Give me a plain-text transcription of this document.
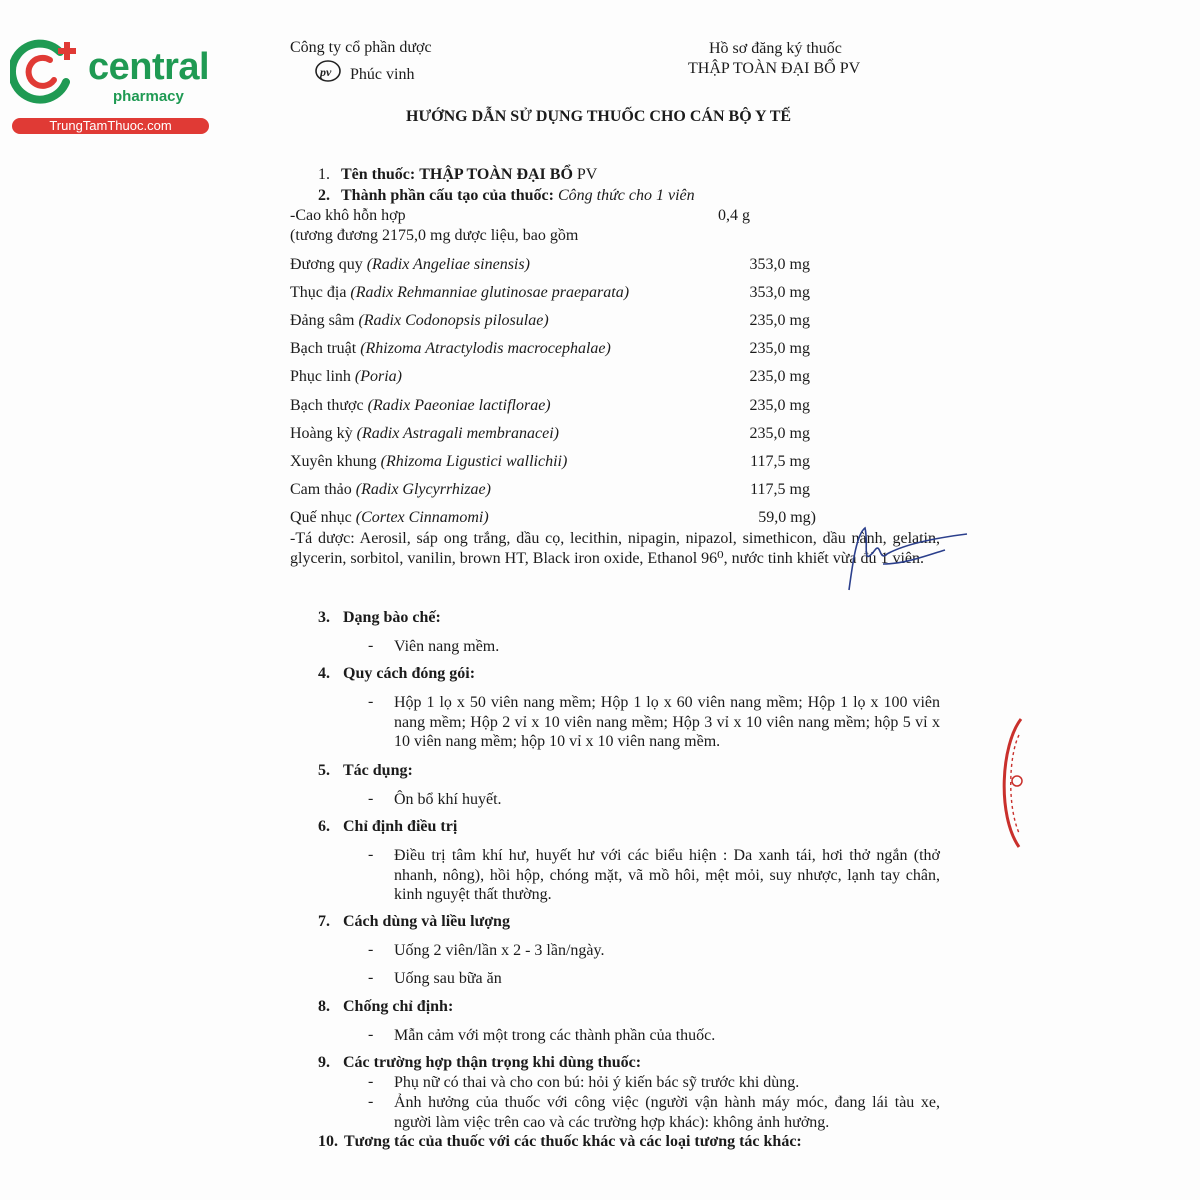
central
pharmacy
TrungTamThuoc.com
Công ty cổ phần dược
pv Phúc vinh
Hồ sơ đăng ký thuốc
THẬP TOÀN ĐẠI BỔ PV
HƯỚNG DẪN SỬ DỤNG THUỐC CHO CÁN BỘ Y TẾ
1. Tên thuốc: THẬP TOÀN ĐẠI BỔ PV
2. Thành phần cấu tạo của thuốc: Công thức cho 1 viên
-Cao khô hỗn hợp	0,4 g
(tương đương 2175,0 mg dược liệu, bao gồm
Đương quy (Radix Angeliae sinensis)	353,0 mg
Thục địa (Radix Rehmanniae glutinosae praeparata)	353,0 mg
Đảng sâm (Radix Codonopsis pilosulae)	235,0 mg
Bạch truật (Rhizoma Atractylodis macrocephalae)	235,0 mg
Phục linh (Poria)	235,0 mg
Bạch thược (Radix Paeoniae lactiflorae)	235,0 mg
Hoàng kỳ (Radix Astragali membranacei)	235,0 mg
Xuyên khung (Rhizoma Ligustici wallichii)	117,5 mg
Cam thảo (Radix Glycyrrhizae)	117,5 mg
Quế nhục (Cortex Cinnamomi)	59,0 mg)
-Tá dược: Aerosil, sáp ong trắng, dầu cọ, lecithin, nipagin, nipazol, simethicon, dầu nành, gelatin, glycerin, sorbitol, vanilin, brown HT, Black iron oxide, Ethanol 96⁰, nước tinh khiết vừa đủ 1 viên.
3. Dạng bào chế:
- Viên nang mềm.
4. Quy cách đóng gói:
- Hộp 1 lọ x 50 viên nang mềm; Hộp 1 lọ x 60 viên nang mềm; Hộp 1 lọ x 100 viên nang mềm; Hộp 2 vỉ x 10 viên nang mềm; Hộp 3 vỉ x 10 viên nang mềm; hộp 5 vỉ x 10 viên nang mềm; hộp 10 vỉ x 10 viên nang mềm.
5. Tác dụng:
- Ôn bổ khí huyết.
6. Chỉ định điều trị
- Điều trị tâm khí hư, huyết hư với các biểu hiện : Da xanh tái, hơi thở ngắn (thở nhanh, nông), hồi hộp, chóng mặt, vã mồ hôi, mệt mỏi, suy nhược, lạnh tay chân, kinh nguyệt thất thường.
7. Cách dùng và liều lượng
- Uống 2 viên/lần x 2 - 3 lần/ngày.
- Uống sau bữa ăn
8. Chống chỉ định:
- Mẫn cảm với một trong các thành phần của thuốc.
9. Các trường hợp thận trọng khi dùng thuốc:
- Phụ nữ có thai và cho con bú: hỏi ý kiến bác sỹ trước khi dùng.
- Ảnh hưởng của thuốc với công việc (người vận hành máy móc, đang lái tàu xe, người làm việc trên cao và các trường hợp khác): không ảnh hưởng.
10. Tương tác của thuốc với các thuốc khác và các loại tương tác khác:
